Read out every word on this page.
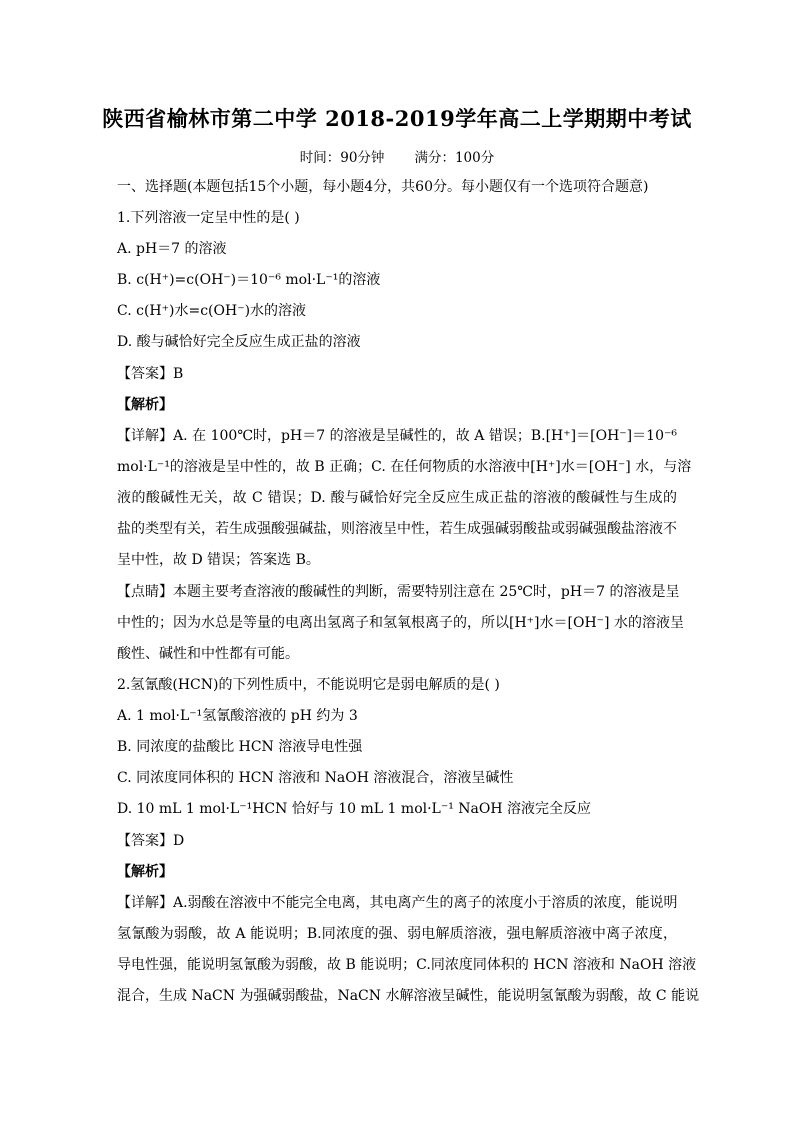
陕西省榆林市第二中学 2018-2019学年高二上学期期中考试
时间：90分钟       满分：100分
一、选择题(本题包括15个小题，每小题4分，共60分。每小题仅有一个选项符合题意)
1.下列溶液一定呈中性的是( )
A. pH＝7 的溶液
B. c(H⁺)=c(OH⁻)＝10⁻⁶ mol·L⁻¹的溶液
C. c(H⁺)水=c(OH⁻)水的溶液
D. 酸与碱恰好完全反应生成正盐的溶液
【答案】B
【解析】
【详解】A. 在 100℃时，pH＝7 的溶液是呈碱性的，故 A 错误；B.[H⁺]＝[OH⁻]＝10⁻⁶
mol·L⁻¹的溶液是呈中性的，故 B 正确；C. 在任何物质的水溶液中[H⁺]水＝[OH⁻] 水，与溶
液的酸碱性无关，故 C 错误；D. 酸与碱恰好完全反应生成正盐的溶液的酸碱性与生成的
盐的类型有关，若生成强酸强碱盐，则溶液呈中性，若生成强碱弱酸盐或弱碱强酸盐溶液不
呈中性，故 D 错误；答案选 B。
【点睛】本题主要考查溶液的酸碱性的判断，需要特别注意在 25℃时，pH＝7 的溶液是呈
中性的；因为水总是等量的电离出氢离子和氢氧根离子的，所以[H⁺]水＝[OH⁻] 水的溶液呈
酸性、碱性和中性都有可能。
2.氢氰酸(HCN)的下列性质中，不能说明它是弱电解质的是( )
A. 1 mol·L⁻¹氢氰酸溶液的 pH 约为 3
B. 同浓度的盐酸比 HCN 溶液导电性强
C. 同浓度同体积的 HCN 溶液和 NaOH 溶液混合，溶液呈碱性
D. 10 mL 1 mol·L⁻¹HCN 恰好与 10 mL 1 mol·L⁻¹ NaOH 溶液完全反应
【答案】D
【解析】
【详解】A.弱酸在溶液中不能完全电离，其电离产生的离子的浓度小于溶质的浓度，能说明
氢氰酸为弱酸，故 A 能说明；B.同浓度的强、弱电解质溶液，强电解质溶液中离子浓度，
导电性强，能说明氢氰酸为弱酸，故 B 能说明；C.同浓度同体积的 HCN 溶液和 NaOH 溶液
混合，生成 NaCN 为强碱弱酸盐，NaCN 水解溶液呈碱性，能说明氢氰酸为弱酸，故 C 能说
